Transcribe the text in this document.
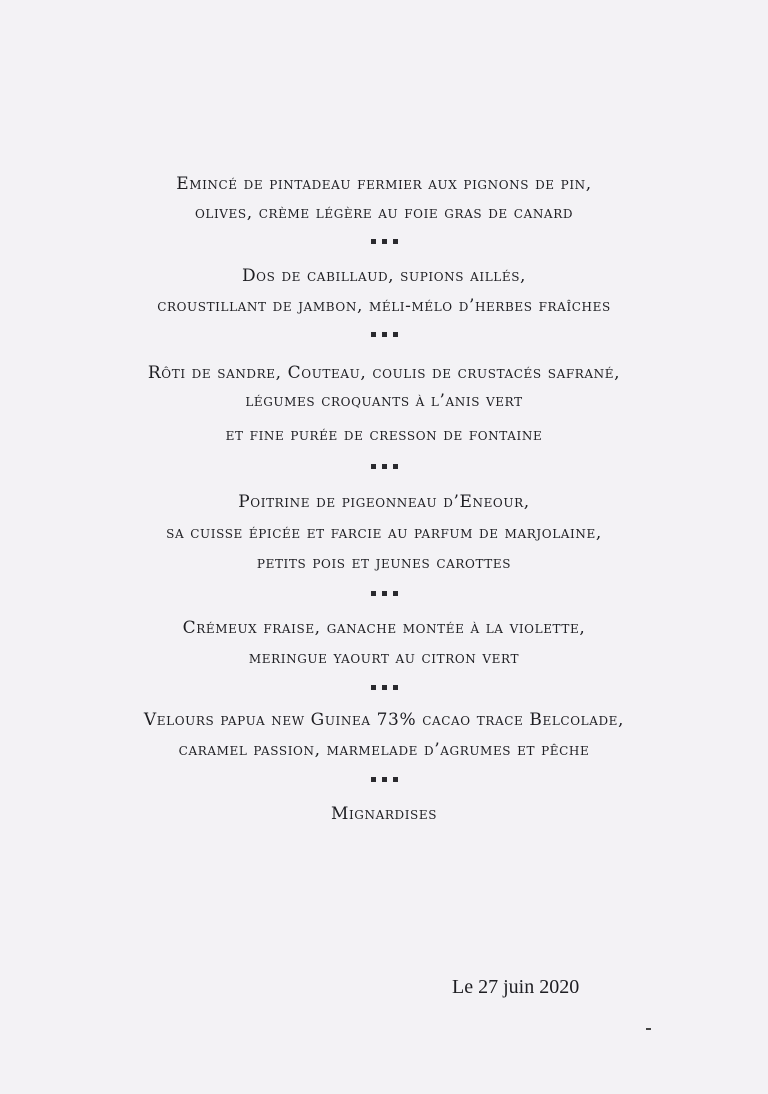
Emincé de pintadeau fermier aux pignons de pin,
olives, crème légère au foie gras de canard
Dos de cabillaud, supions aillés,
croustillant de jambon, méli-mélo d’herbes fraîches
Rôti de sandre, Couteau, coulis de crustacés safrané,
légumes croquants à l’anis vert
et fine purée de cresson de fontaine
Poitrine de pigeonneau d’Eneour,
sa cuisse épicée et farcie au parfum de marjolaine,
petits pois et jeunes carottes
Crémeux fraise, ganache montée à la violette,
meringue yaourt au citron vert
Velours papua new Guinea 73% cacao trace Belcolade,
caramel passion, marmelade d’agrumes et pêche
Mignardises
Le 27 juin 2020
